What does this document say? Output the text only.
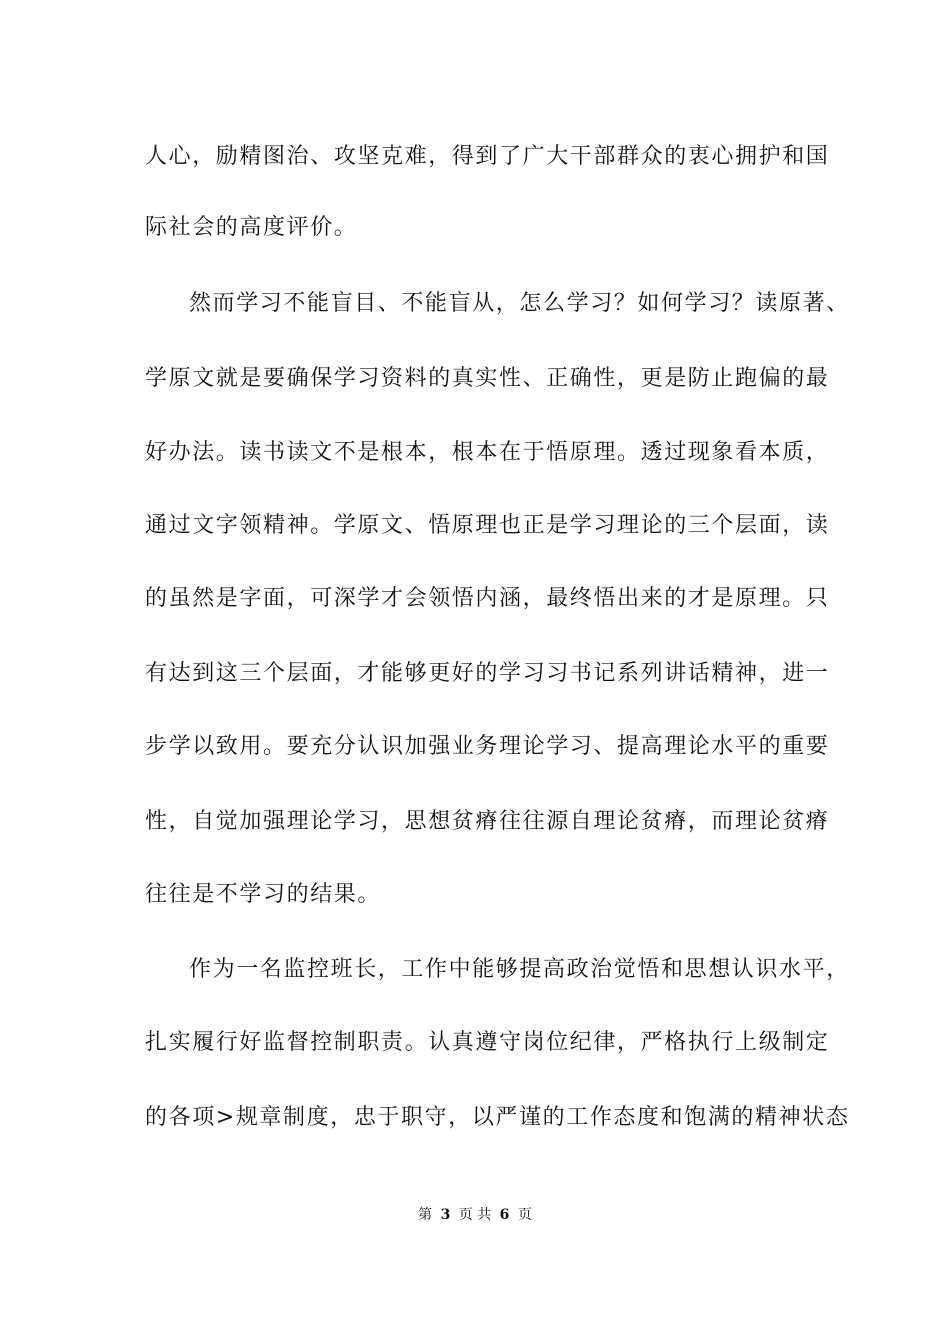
人心，励精图治、攻坚克难，得到了广大干部群众的衷心拥护和国

际社会的高度评价。

然而学习不能盲目、不能盲从，怎么学习？如何学习？读原著、

学原文就是要确保学习资料的真实性、正确性，更是防止跑偏的最

好办法。读书读文不是根本，根本在于悟原理。透过现象看本质，

通过文字领精神。学原文、悟原理也正是学习理论的三个层面，读

的虽然是字面，可深学才会领悟内涵，最终悟出来的才是原理。只

有达到这三个层面，才能够更好的学习习书记系列讲话精神，进一

步学以致用。要充分认识加强业务理论学习、提高理论水平的重要

性，自觉加强理论学习，思想贫瘠往往源自理论贫瘠，而理论贫瘠

往往是不学习的结果。

作为一名监控班长，工作中能够提高政治觉悟和思想认识水平，

扎实履行好监督控制职责。认真遵守岗位纪律，严格执行上级制定

的各项>规章制度，忠于职守，以严谨的工作态度和饱满的精神状态

第 3 页 共 6 页
